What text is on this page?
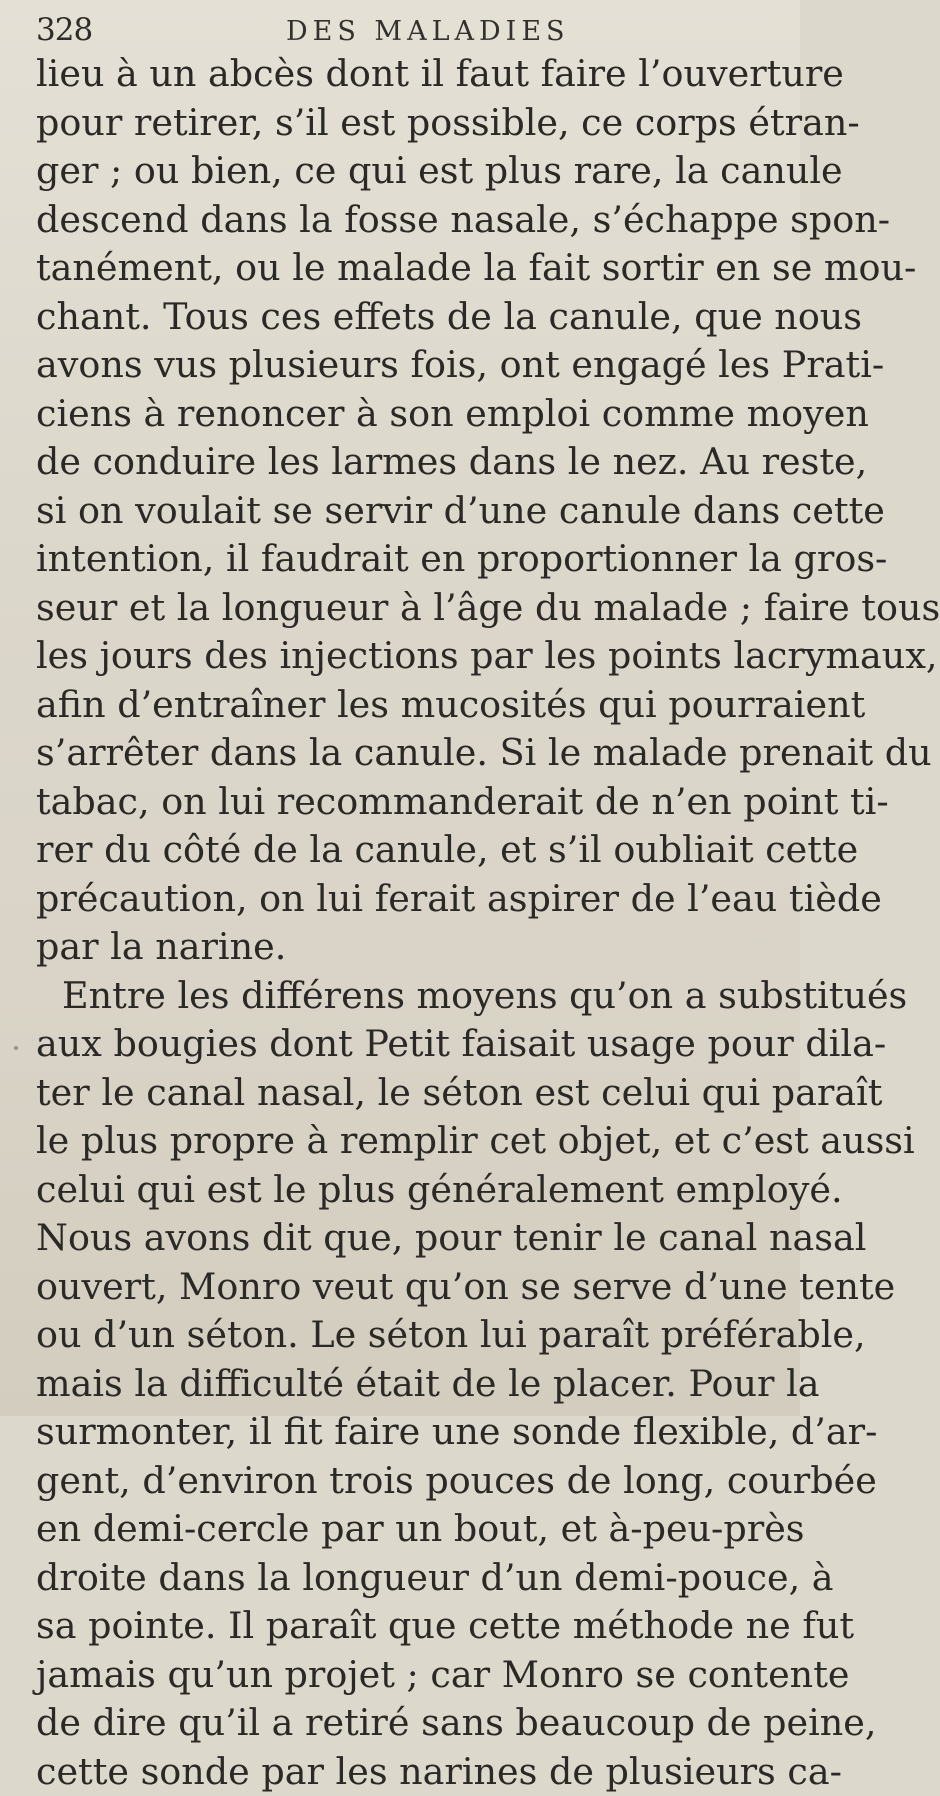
328	DES MALADIES
lieu à un abcès dont il faut faire l’ouverture
pour retirer, s’il est possible, ce corps étran-
ger ; ou bien, ce qui est plus rare, la canule
descend dans la fosse nasale, s’échappe spon-
tanément, ou le malade la fait sortir en se mou-
chant. Tous ces effets de la canule, que nous
avons vus plusieurs fois, ont engagé les Prati-
ciens à renoncer à son emploi comme moyen
de conduire les larmes dans le nez. Au reste,
si on voulait se servir d’une canule dans cette
intention, il faudrait en proportionner la gros-
seur et la longueur à l’âge du malade ; faire tous
les jours des injections par les points lacrymaux,
afin d’entraîner les mucosités qui pourraient
s’arrêter dans la canule. Si le malade prenait du
tabac, on lui recommanderait de n’en point ti-
rer du côté de la canule, et s’il oubliait cette
précaution, on lui ferait aspirer de l’eau tiède
par la narine.
Entre les différens moyens qu’on a substitués
aux bougies dont Petit faisait usage pour dila-
ter le canal nasal, le séton est celui qui paraît
le plus propre à remplir cet objet, et c’est aussi
celui qui est le plus généralement employé.
Nous avons dit que, pour tenir le canal nasal
ouvert, Monro veut qu’on se serve d’une tente
ou d’un séton. Le séton lui paraît préférable,
mais la difficulté était de le placer. Pour la
surmonter, il fit faire une sonde flexible, d’ar-
gent, d’environ trois pouces de long, courbée
en demi-cercle par un bout, et à-peu-près
droite dans la longueur d’un demi-pouce, à
sa pointe. Il paraît que cette méthode ne fut
jamais qu’un projet ; car Monro se contente
de dire qu’il a retiré sans beaucoup de peine,
cette sonde par les narines de plusieurs ca-
